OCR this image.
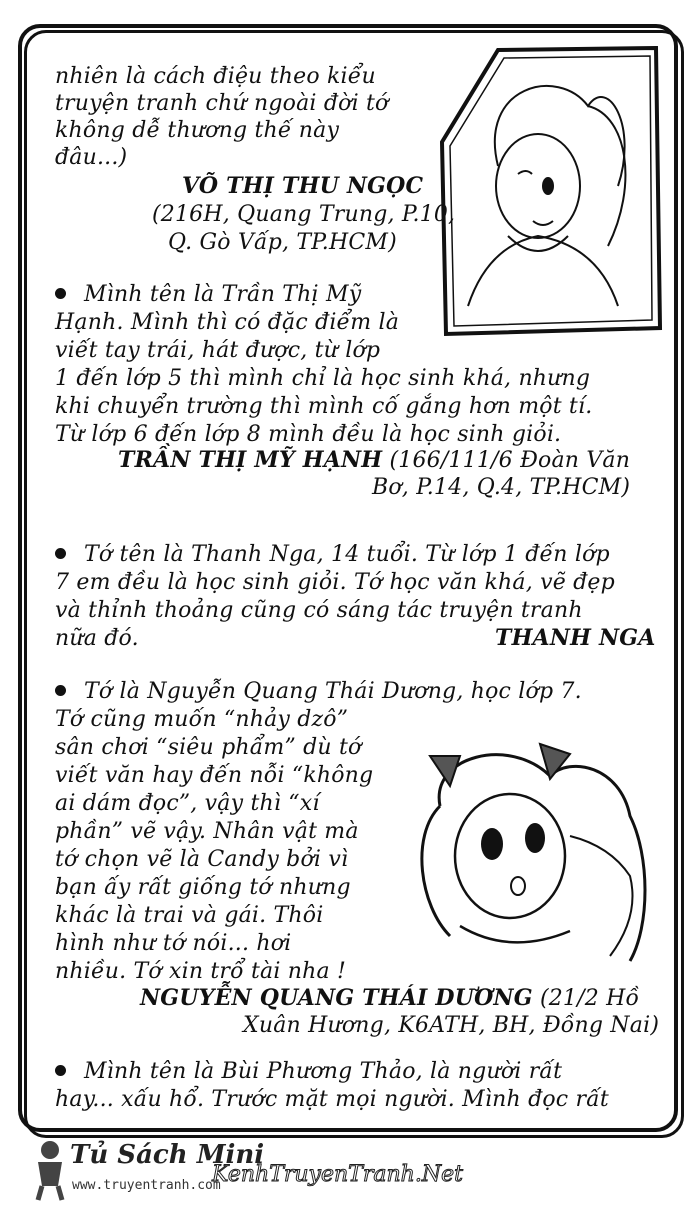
nhiên là cách điệu theo kiểu
truyện tranh chứ ngoài đời tớ
không dễ thương thế này
đâu...)
VÕ THỊ THU NGỌC
(216H, Quang Trung, P.10,
Q. Gò Vấp, TP.HCM)
Mình tên là Trần Thị Mỹ
Hạnh. Mình thì có đặc điểm là
viết tay trái, hát được, từ lớp
1 đến lớp 5 thì mình chỉ là học sinh khá, nhưng
khi chuyển trường thì mình cố gắng hơn một tí.
Từ lớp 6 đến lớp 8 mình đều là học sinh giỏi.
TRẦN THỊ MỸ HẠNH (166/111/6 Đoàn Văn
Bơ, P.14, Q.4, TP.HCM)
Tớ tên là Thanh Nga, 14 tuổi. Từ lớp 1 đến lớp
7 em đều là học sinh giỏi. Tớ học văn khá, vẽ đẹp
và thỉnh thoảng cũng có sáng tác truyện tranh
nữa đó.	THANH NGA
Tớ là Nguyễn Quang Thái Dương, học lớp 7.
Tớ cũng muốn “nhảy dzô”
sân chơi “siêu phẩm” dù tớ
viết văn hay đến nỗi “không
ai dám đọc”, vậy thì “xí
phần” vẽ vậy. Nhân vật mà
tớ chọn vẽ là Candy bởi vì
bạn ấy rất giống tớ nhưng
khác là trai và gái. Thôi
hình như tớ nói... hơi
nhiều. Tớ xin trổ tài nha !
NGUYỄN QUANG THÁI DƯƠNG (21/2 Hồ
Xuân Hương, K6ATH, BH, Đồng Nai)
Mình tên là Bùi Phương Thảo, là người rất
hay... xấu hổ. Trước mặt mọi người. Mình đọc rất
Tủ Sách Mini
www.truyentranh.com
KenhTruyenTranh.Net
